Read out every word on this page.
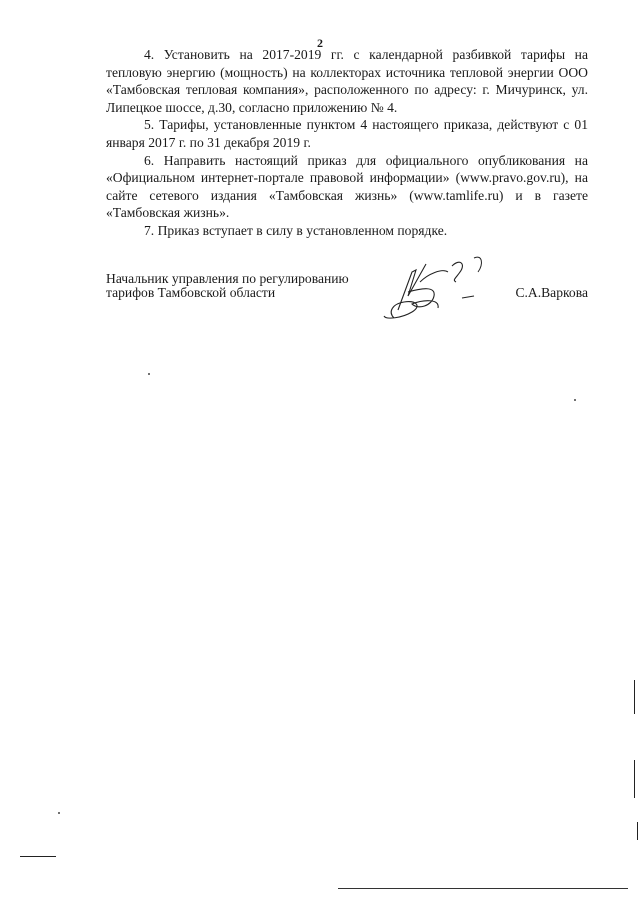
2

4. Установить на 2017-2019 гг. с календарной разбивкой тарифы на тепловую энергию (мощность) на коллекторах источника тепловой энергии ООО «Тамбовская тепловая компания», расположенного по адресу: г. Мичуринск, ул. Липецкое шоссе, д.30, согласно приложению № 4.

5. Тарифы, установленные пунктом 4 настоящего приказа, действуют с 01 января 2017 г. по 31 декабря 2019 г.

6. Направить настоящий приказ для официального опубликования на «Официальном интернет-портале правовой информации» (www.pravo.gov.ru), на сайте сетевого издания «Тамбовская жизнь» (www.tamlife.ru) и в газете «Тамбовская жизнь».

7. Приказ вступает в силу в установленном порядке.

Начальник управления по регулированию
тарифов Тамбовской области	С.А.Варкова
